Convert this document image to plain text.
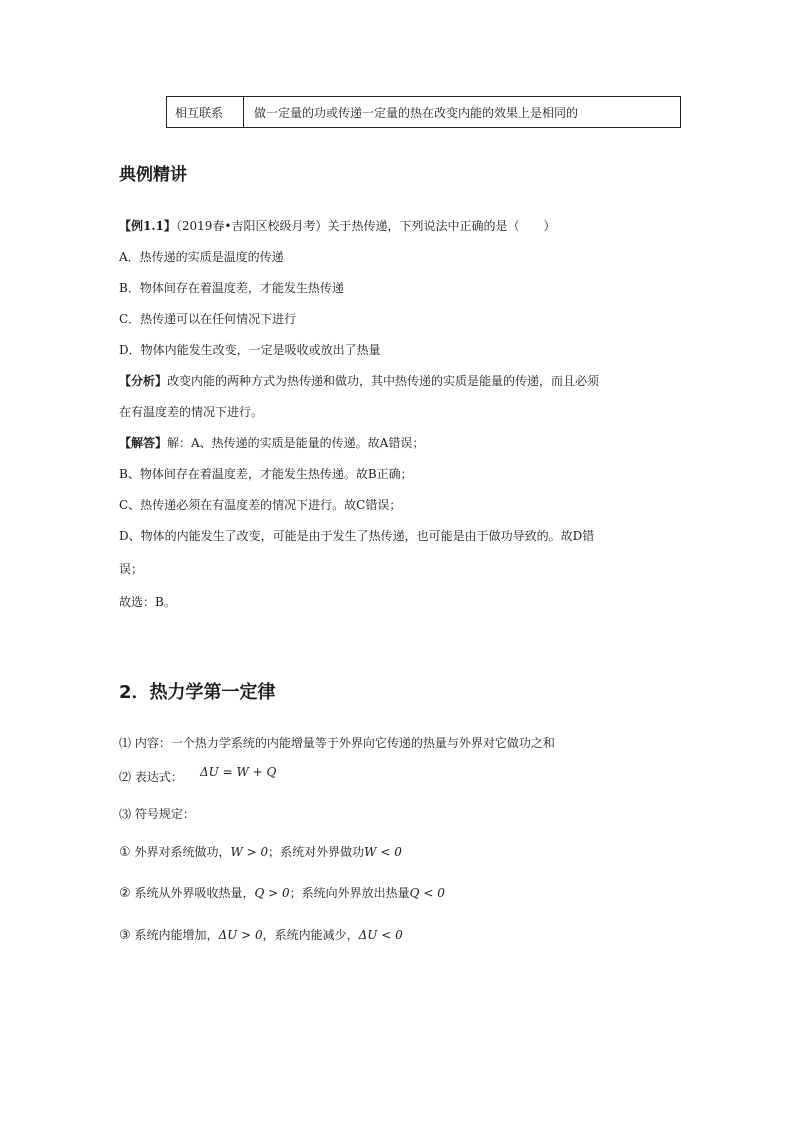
相互联系	做一定量的功或传递一定量的热在改变内能的效果上是相同的
典例精讲
【例1.1】（2019春•吉阳区校级月考）关于热传递，下列说法中正确的是（　　）
A．热传递的实质是温度的传递
B．物体间存在着温度差，才能发生热传递
C．热传递可以在任何情况下进行
D．物体内能发生改变，一定是吸收或放出了热量
【分析】改变内能的两种方式为热传递和做功，其中热传递的实质是能量的传递，而且必须
在有温度差的情况下进行。
【解答】解：A、热传递的实质是能量的传递。故A错误；
B、物体间存在着温度差，才能发生热传递。故B正确；
C、热传递必须在有温度差的情况下进行。故C错误；
D、物体的内能发生了改变，可能是由于发生了热传递，也可能是由于做功导致的。故D错
误；
故选：B。
2．热力学第一定律
⑴ 内容：一个热力学系统的内能增量等于外界向它传递的热量与外界对它做功之和
⑵ 表达式： ΔU = W + Q
⑶ 符号规定：
① 外界对系统做功，W > 0；系统对外界做功W < 0
② 系统从外界吸收热量，Q > 0；系统向外界放出热量Q < 0
③ 系统内能增加，ΔU > 0，系统内能减少，ΔU < 0
